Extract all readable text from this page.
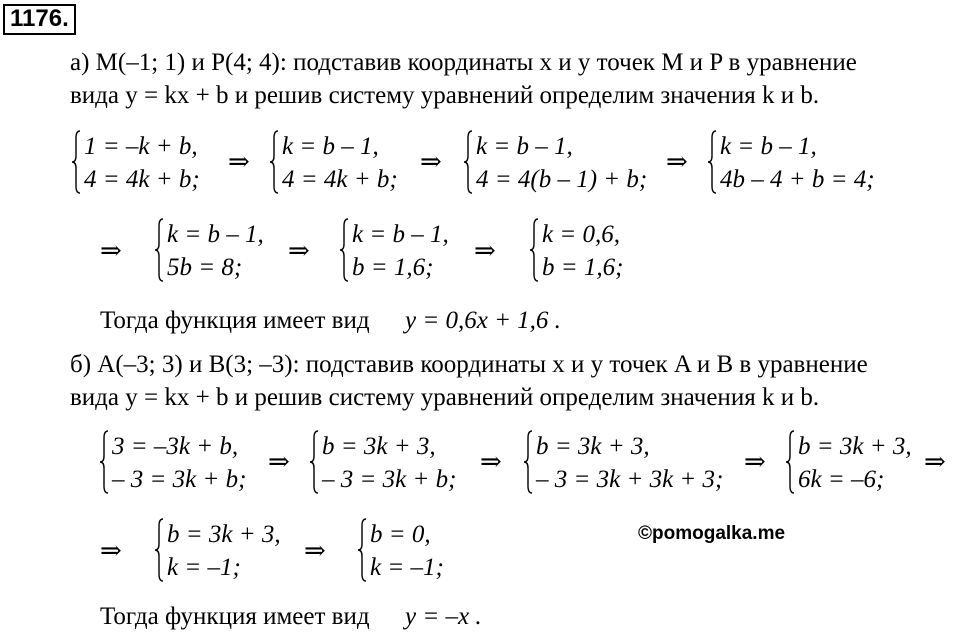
1176.
а) M(–1; 1) и P(4; 4): подставив координаты x и y точек M и P в уравнение
вида y = kx + b и решив систему уравнений определим значения k и b.
1 = –k + b,
4 = 4k + b;
⇒
k = b – 1,
4 = 4k + b;
⇒
k = b – 1,
4 = 4(b – 1) + b;
⇒
k = b – 1,
4b – 4 + b = 4;
⇒
k = b – 1,
5b = 8;
⇒
k = b – 1,
b = 1,6;
⇒
k = 0,6,
b = 1,6;
Тогда функция имеет вид y = 0,6x + 1,6 .
б) A(–3; 3) и B(3; –3): подставив координаты x и y точек A и B в уравнение
вида y = kx + b и решив систему уравнений определим значения k и b.
3 = –3k + b,
– 3 = 3k + b;
⇒
b = 3k + 3,
– 3 = 3k + b;
⇒
b = 3k + 3,
– 3 = 3k + 3k + 3;
⇒
b = 3k + 3,
6k = –6;
⇒
⇒
b = 3k + 3,
k = –1;
⇒
b = 0,
k = –1;
©pomogalka.me
Тогда функция имеет вид y = –x .
